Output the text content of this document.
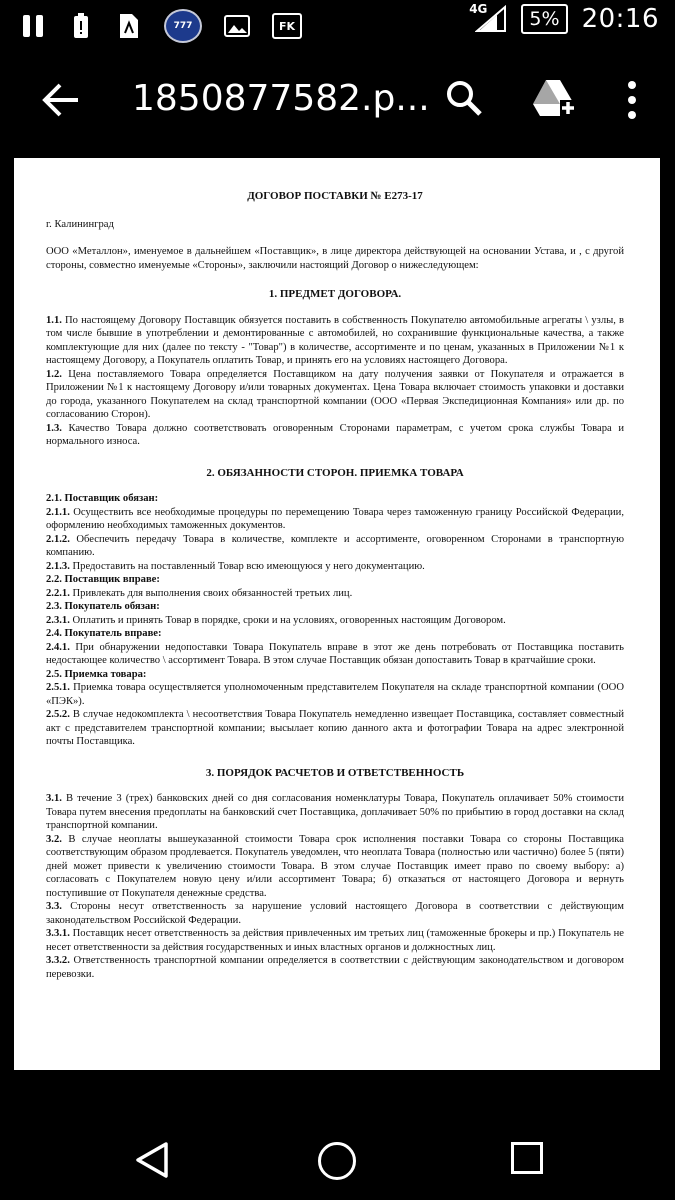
777	FK
4G	5% 20:16
1850877582.p...
ДОГОВОР ПОСТАВКИ № Е273-17
г. Калининград

ООО «Металлон», именуемое в дальнейшем «Поставщик», в лице директора действующей на основании Устава, и , с другой стороны, совместно именуемые «Стороны», заключили настоящий Договор о нижеследующем:

1. ПРЕДМЕТ ДОГОВОРА.

1.1. По настоящему Договору Поставщик обязуется поставить в собственность Покупателю автомобильные агрегаты \ узлы, в том числе бывшие в употреблении и демонтированные с автомобилей, но сохранившие функциональные качества, а также комплектующие для них (далее по тексту - "Товар") в количестве, ассортименте и по ценам, указанных в Приложении №1 к настоящему Договору, а Покупатель оплатить Товар, и принять его на условиях настоящего Договора.

1.2. Цена поставляемого Товара определяется Поставщиком на дату получения заявки от Покупателя и отражается в Приложении №1 к настоящему Договору и/или товарных документах. Цена Товара включает стоимость упаковки и доставки до города, указанного Покупателем на склад транспортной компании (ООО «Первая Экспедиционная Компания» или др. по согласованию Сторон).

1.3. Качество Товара должно соответствовать оговоренным Сторонами параметрам, с учетом срока службы Товара и нормального износа.

2. ОБЯЗАННОСТИ СТОРОН. ПРИЕМКА ТОВАРА

2.1. Поставщик обязан:

2.1.1. Осуществить все необходимые процедуры по перемещению Товара через таможенную границу Российской Федерации, оформлению необходимых таможенных документов.

2.1.2. Обеспечить передачу Товара в количестве, комплекте и ассортименте, оговоренном Сторонами в транспортную компанию.

2.1.3. Предоставить на поставленный Товар всю имеющуюся у него документацию.

2.2. Поставщик вправе:

2.2.1. Привлекать для выполнения своих обязанностей третьих лиц.

2.3. Покупатель обязан:

2.3.1. Оплатить и принять Товар в порядке, сроки и на условиях, оговоренных настоящим Договором.

2.4. Покупатель вправе:

2.4.1. При обнаружении недопоставки Товара Покупатель вправе в этот же день потребовать от Поставщика поставить недостающее количество \ ассортимент Товара. В этом случае Поставщик обязан допоставить Товар в кратчайшие сроки.

2.5. Приемка товара:

2.5.1. Приемка товара осуществляется уполномоченным представителем Покупателя на складе транспортной компании (ООО «ПЭК»).

2.5.2. В случае недокомплекта \ несоответствия Товара Покупатель немедленно извещает Поставщика, составляет совместный акт с представителем транспортной компании; высылает копию данного акта и фотографии Товара на адрес электронной почты Поставщика.

3. ПОРЯДОК РАСЧЕТОВ И ОТВЕТСТВЕННОСТЬ

3.1. В течение 3 (трех) банковских дней со дня согласования номенклатуры Товара, Покупатель оплачивает 50% стоимости Товара путем внесения предоплаты на банковский счет Поставщика, доплачивает 50% по прибытию в город доставки на склад транспортной компании.

3.2. В случае неоплаты вышеуказанной стоимости Товара срок исполнения поставки Товара со стороны Поставщика соответствующим образом продлевается. Покупатель уведомлен, что неоплата Товара (полностью или частично) более 5 (пяти) дней может привести к увеличению стоимости Товара. В этом случае Поставщик имеет право по своему выбору: а) согласовать с Покупателем новую цену и/или ассортимент Товара; б) отказаться от настоящего Договора и вернуть поступившие от Покупателя денежные средства.

3.3. Стороны несут ответственность за нарушение условий настоящего Договора в соответствии с действующим законодательством Российской Федерации.

3.3.1. Поставщик несет ответственность за действия привлеченных им третьих лиц (таможенные брокеры и пр.) Покупатель не несет ответственности за действия государственных и иных властных органов и должностных лиц.

3.3.2. Ответственность транспортной компании определяется в соответствии с действующим законодательством и договором перевозки.
